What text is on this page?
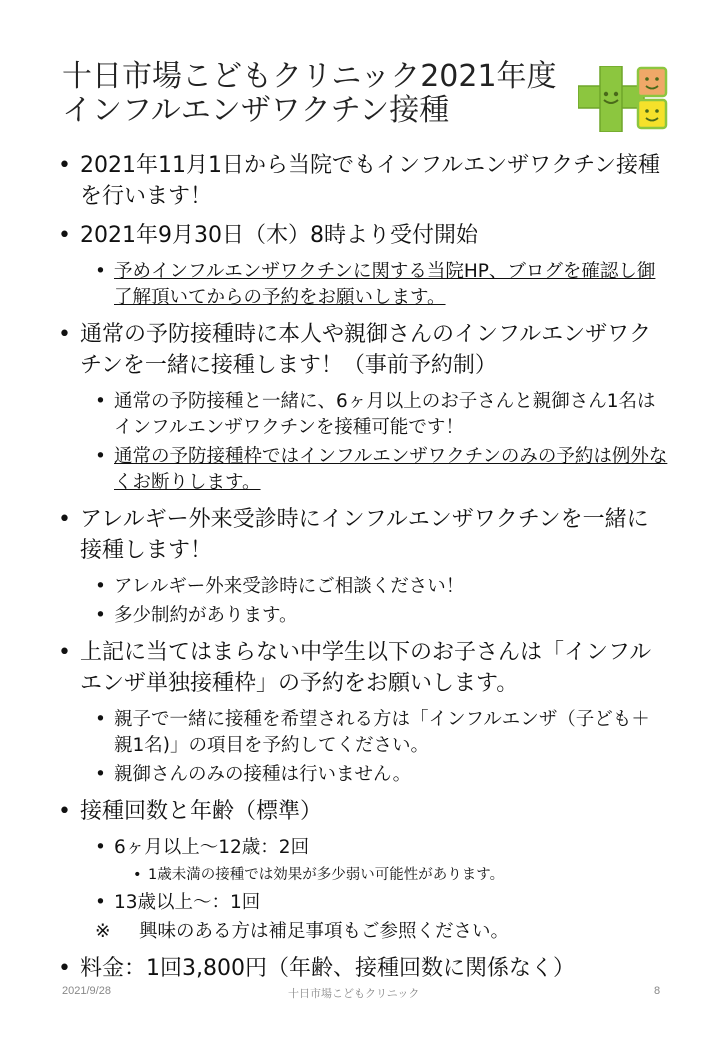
十日市場こどもクリニック2021年度
インフルエンザワクチン接種
• 2021年11月1日から当院でもインフルエンザワクチン接種を行います！
• 2021年9月30日（木）8時より受付開始
• 予めインフルエンザワクチンに関する当院HP、ブログを確認し御了解頂いてからの予約をお願いします。
• 通常の予防接種時に本人や親御さんのインフルエンザワクチンを一緒に接種します！（事前予約制）
• 通常の予防接種と一緒に、6ヶ月以上のお子さんと親御さん1名はインフルエンザワクチンを接種可能です！
• 通常の予防接種枠ではインフルエンザワクチンのみの予約は例外なくお断りします。
• アレルギー外来受診時にインフルエンザワクチンを一緒に接種します！
• アレルギー外来受診時にご相談ください！
• 多少制約があります。
• 上記に当てはまらない中学生以下のお子さんは「インフルエンザ単独接種枠」の予約をお願いします。
• 親子で一緒に接種を希望される方は「インフルエンザ（子ども＋親1名)」の項目を予約してください。
• 親御さんのみの接種は行いません。
• 接種回数と年齢（標準）
• 6ヶ月以上〜12歳：2回
• 1歳未満の接種では効果が多少弱い可能性があります。
• 13歳以上〜：1回
※ 興味のある方は補足事項もご参照ください。
• 料金：1回3,800円（年齢、接種回数に関係なく）
2021/9/28	十日市場こどもクリニック	8
